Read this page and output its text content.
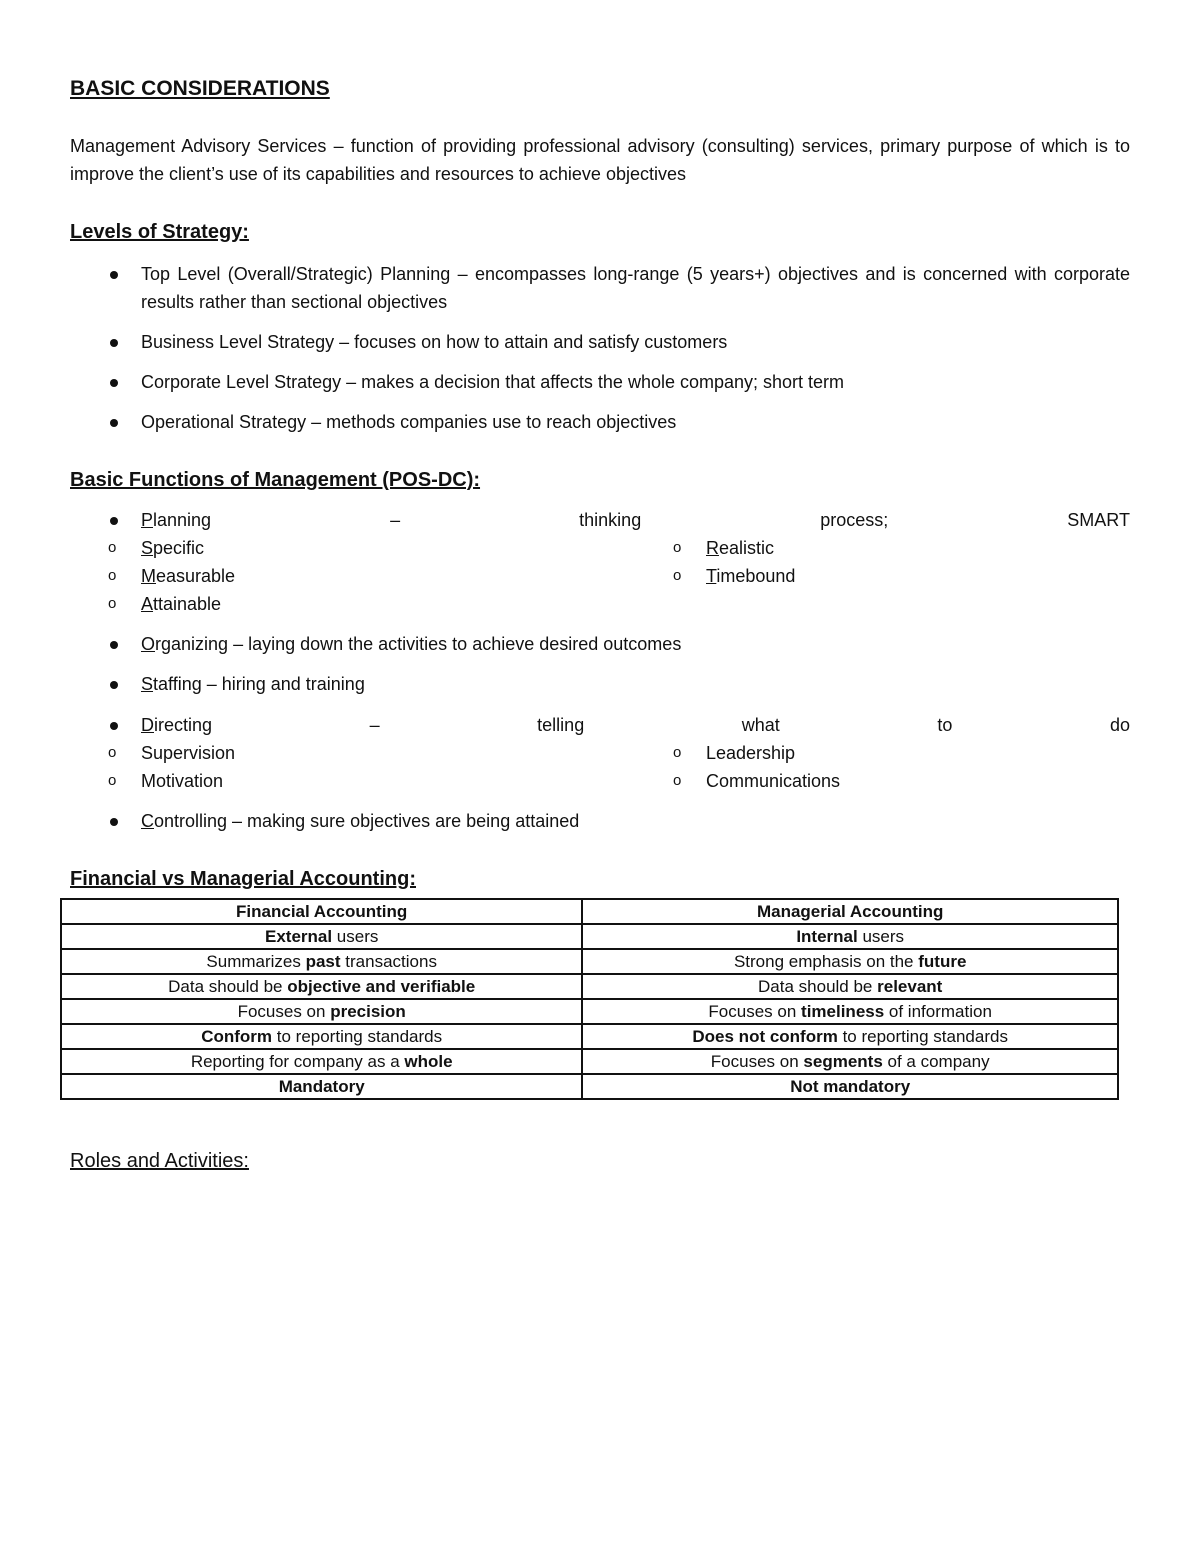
BASIC CONSIDERATIONS

Management Advisory Services – function of providing professional advisory (consulting) services, primary purpose of which is to improve the client’s use of its capabilities and resources to achieve objectives

Levels of Strategy:
Top Level (Overall/Strategic) Planning – encompasses long-range (5 years+) objectives and is concerned with corporate results rather than sectional objectives
Business Level Strategy – focuses on how to attain and satisfy customers
Corporate Level Strategy – makes a decision that affects the whole company; short term
Operational Strategy – methods companies use to reach objectives
Basic Functions of Management (POS-DC):
Planning	–	thinking	process;	SMART
o Specific
o Measurable
o Attainable
o Realistic
o Timebound
Organizing – laying down the activities to achieve desired outcomes
Staffing – hiring and training
Directing	–	telling	what	to	do
o Supervision
o Motivation
o Leadership
o Communications
Controlling – making sure objectives are being attained
Financial vs Managerial Accounting:
Financial Accounting	Managerial Accounting
External users	Internal users
Summarizes past transactions	Strong emphasis on the future
Data should be objective and verifiable	Data should be relevant
Focuses on precision	Focuses on timeliness of information
Conform to reporting standards	Does not conform to reporting standards
Reporting for company as a whole	Focuses on segments of a company
Mandatory	Not mandatory
Roles and Activities:
